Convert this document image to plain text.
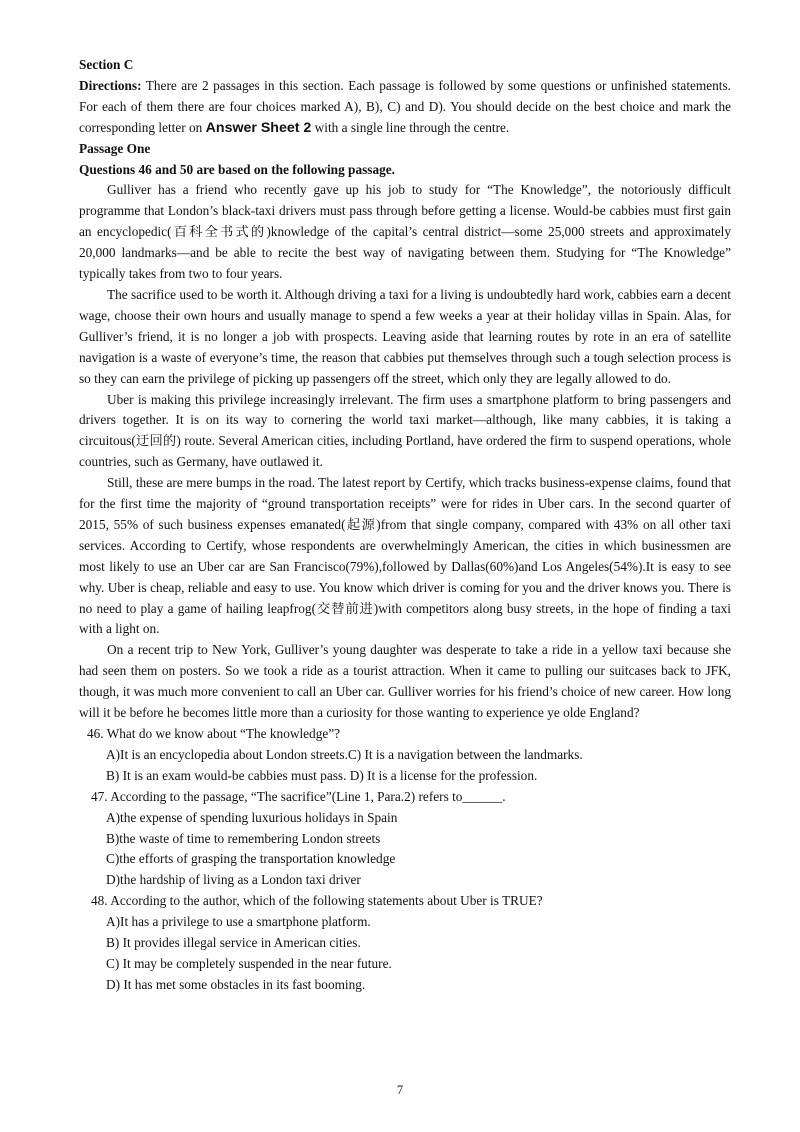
Section C
Directions: There are 2 passages in this section. Each passage is followed by some questions or unfinished statements. For each of them there are four choices marked A), B), C) and D). You should decide on the best choice and mark the corresponding letter on Answer Sheet 2 with a single line through the centre.
Passage One
Questions 46 and 50 are based on the following passage.
Gulliver has a friend who recently gave up his job to study for “The Knowledge”, the notoriously difficult programme that London’s black-taxi drivers must pass through before getting a license. Would-be cabbies must first gain an encyclopedic(百科全书式的)knowledge of the capital’s central district—some 25,000 streets and approximately 20,000 landmarks—and be able to recite the best way of navigating between them. Studying for “The Knowledge” typically takes from two to four years.
The sacrifice used to be worth it. Although driving a taxi for a living is undoubtedly hard work, cabbies earn a decent wage, choose their own hours and usually manage to spend a few weeks a year at their holiday villas in Spain. Alas, for Gulliver’s friend, it is no longer a job with prospects. Leaving aside that learning routes by rote in an era of satellite navigation is a waste of everyone’s time, the reason that cabbies put themselves through such a tough selection process is so they can earn the privilege of picking up passengers off the street, which only they are legally allowed to do.
Uber is making this privilege increasingly irrelevant. The firm uses a smartphone platform to bring passengers and drivers together. It is on its way to cornering the world taxi market—although, like many cabbies, it is taking a circuitous(迂回的) route. Several American cities, including Portland, have ordered the firm to suspend operations, whole countries, such as Germany, have outlawed it.
Still, these are mere bumps in the road. The latest report by Certify, which tracks business-expense claims, found that for the first time the majority of “ground transportation receipts” were for rides in Uber cars. In the second quarter of 2015, 55% of such business expenses emanated(起源)from that single company, compared with 43% on all other taxi services. According to Certify, whose respondents are overwhelmingly American, the cities in which businessmen are most likely to use an Uber car are San Francisco(79%),followed by Dallas(60%)and Los Angeles(54%).It is easy to see why. Uber is cheap, reliable and easy to use. You know which driver is coming for you and the driver knows you. There is no need to play a game of hailing leapfrog(交替前进)with competitors along busy streets, in the hope of finding a taxi with a light on.
On a recent trip to New York, Gulliver’s young daughter was desperate to take a ride in a yellow taxi because she had seen them on posters. So we took a ride as a tourist attraction. When it came to pulling our suitcases back to JFK, though, it was much more convenient to call an Uber car. Gulliver worries for his friend’s choice of new career. How long will it be before he becomes little more than a curiosity for those wanting to experience ye olde England?
46. What do we know about “The knowledge”?
A)It is an encyclopedia about London streets.C) It is a navigation between the landmarks.
B) It is an exam would-be cabbies must pass. D) It is a license for the profession.
47. According to the passage, “The sacrifice”(Line 1, Para.2) refers to______.
A)the expense of spending luxurious holidays in Spain
B)the waste of time to remembering London streets
C)the efforts of grasping the transportation knowledge
D)the hardship of living as a London taxi driver
48. According to the author, which of the following statements about Uber is TRUE?
A)It has a privilege to use a smartphone platform.
B) It provides illegal service in American cities.
C) It may be completely suspended in the near future.
D) It has met some obstacles in its fast booming.
7
